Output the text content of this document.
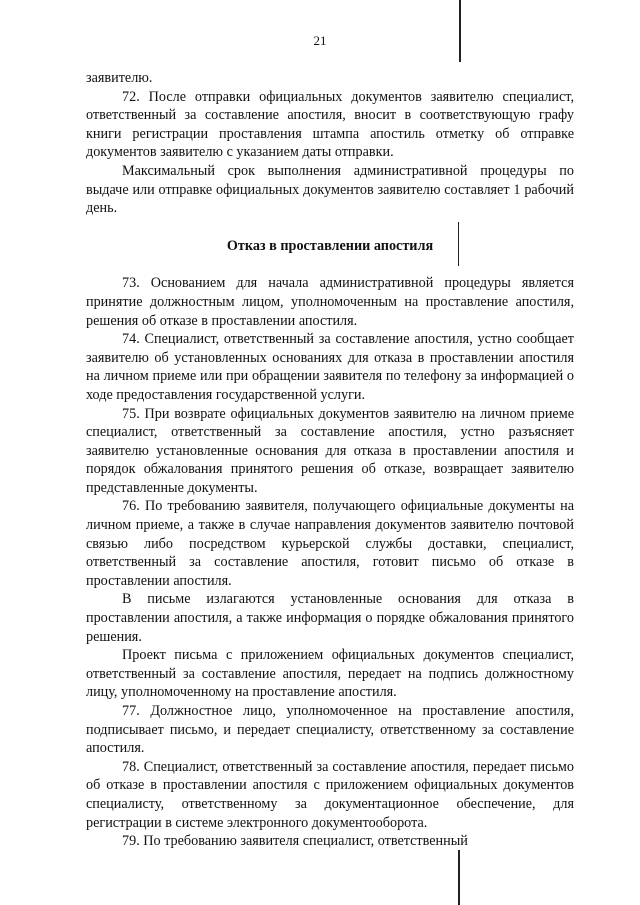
21

заявителю.

72. После отправки официальных документов заявителю специалист, ответственный за составление апостиля, вносит в соответствующую графу книги регистрации проставления штампа апостиль отметку об отправке документов заявителю с указанием даты отправки.

Максимальный срок выполнения административной процедуры по выдаче или отправке официальных документов заявителю составляет 1 рабочий день.

Отказ в проставлении апостиля

73. Основанием для начала административной процедуры является принятие должностным лицом, уполномоченным на проставление апостиля, решения об отказе в проставлении апостиля.

74. Специалист, ответственный за составление апостиля, устно сообщает заявителю об установленных основаниях для отказа в проставлении апостиля на личном приеме или при обращении заявителя по телефону за информацией о ходе предоставления государственной услуги.

75. При возврате официальных документов заявителю на личном приеме специалист, ответственный за составление апостиля, устно разъясняет заявителю установленные основания для отказа в проставлении апостиля и порядок обжалования принятого решения об отказе, возвращает заявителю представленные документы.

76. По требованию заявителя, получающего официальные документы на личном приеме, а также в случае направления документов заявителю почтовой связью либо посредством курьерской службы доставки, специалист, ответственный за составление апостиля, готовит письмо об отказе в проставлении апостиля.

В письме излагаются установленные основания для отказа в проставлении апостиля, а также информация о порядке обжалования принятого решения.

Проект письма с приложением официальных документов специалист, ответственный за составление апостиля, передает на подпись должностному лицу, уполномоченному на проставление апостиля.

77. Должностное лицо, уполномоченное на проставление апостиля, подписывает письмо, и передает специалисту, ответственному за составление апостиля.

78. Специалист, ответственный за составление апостиля, передает письмо об отказе в проставлении апостиля с приложением официальных документов специалисту, ответственному за документационное обеспечение, для регистрации в системе электронного документооборота.

79. По требованию заявителя специалист, ответственный
